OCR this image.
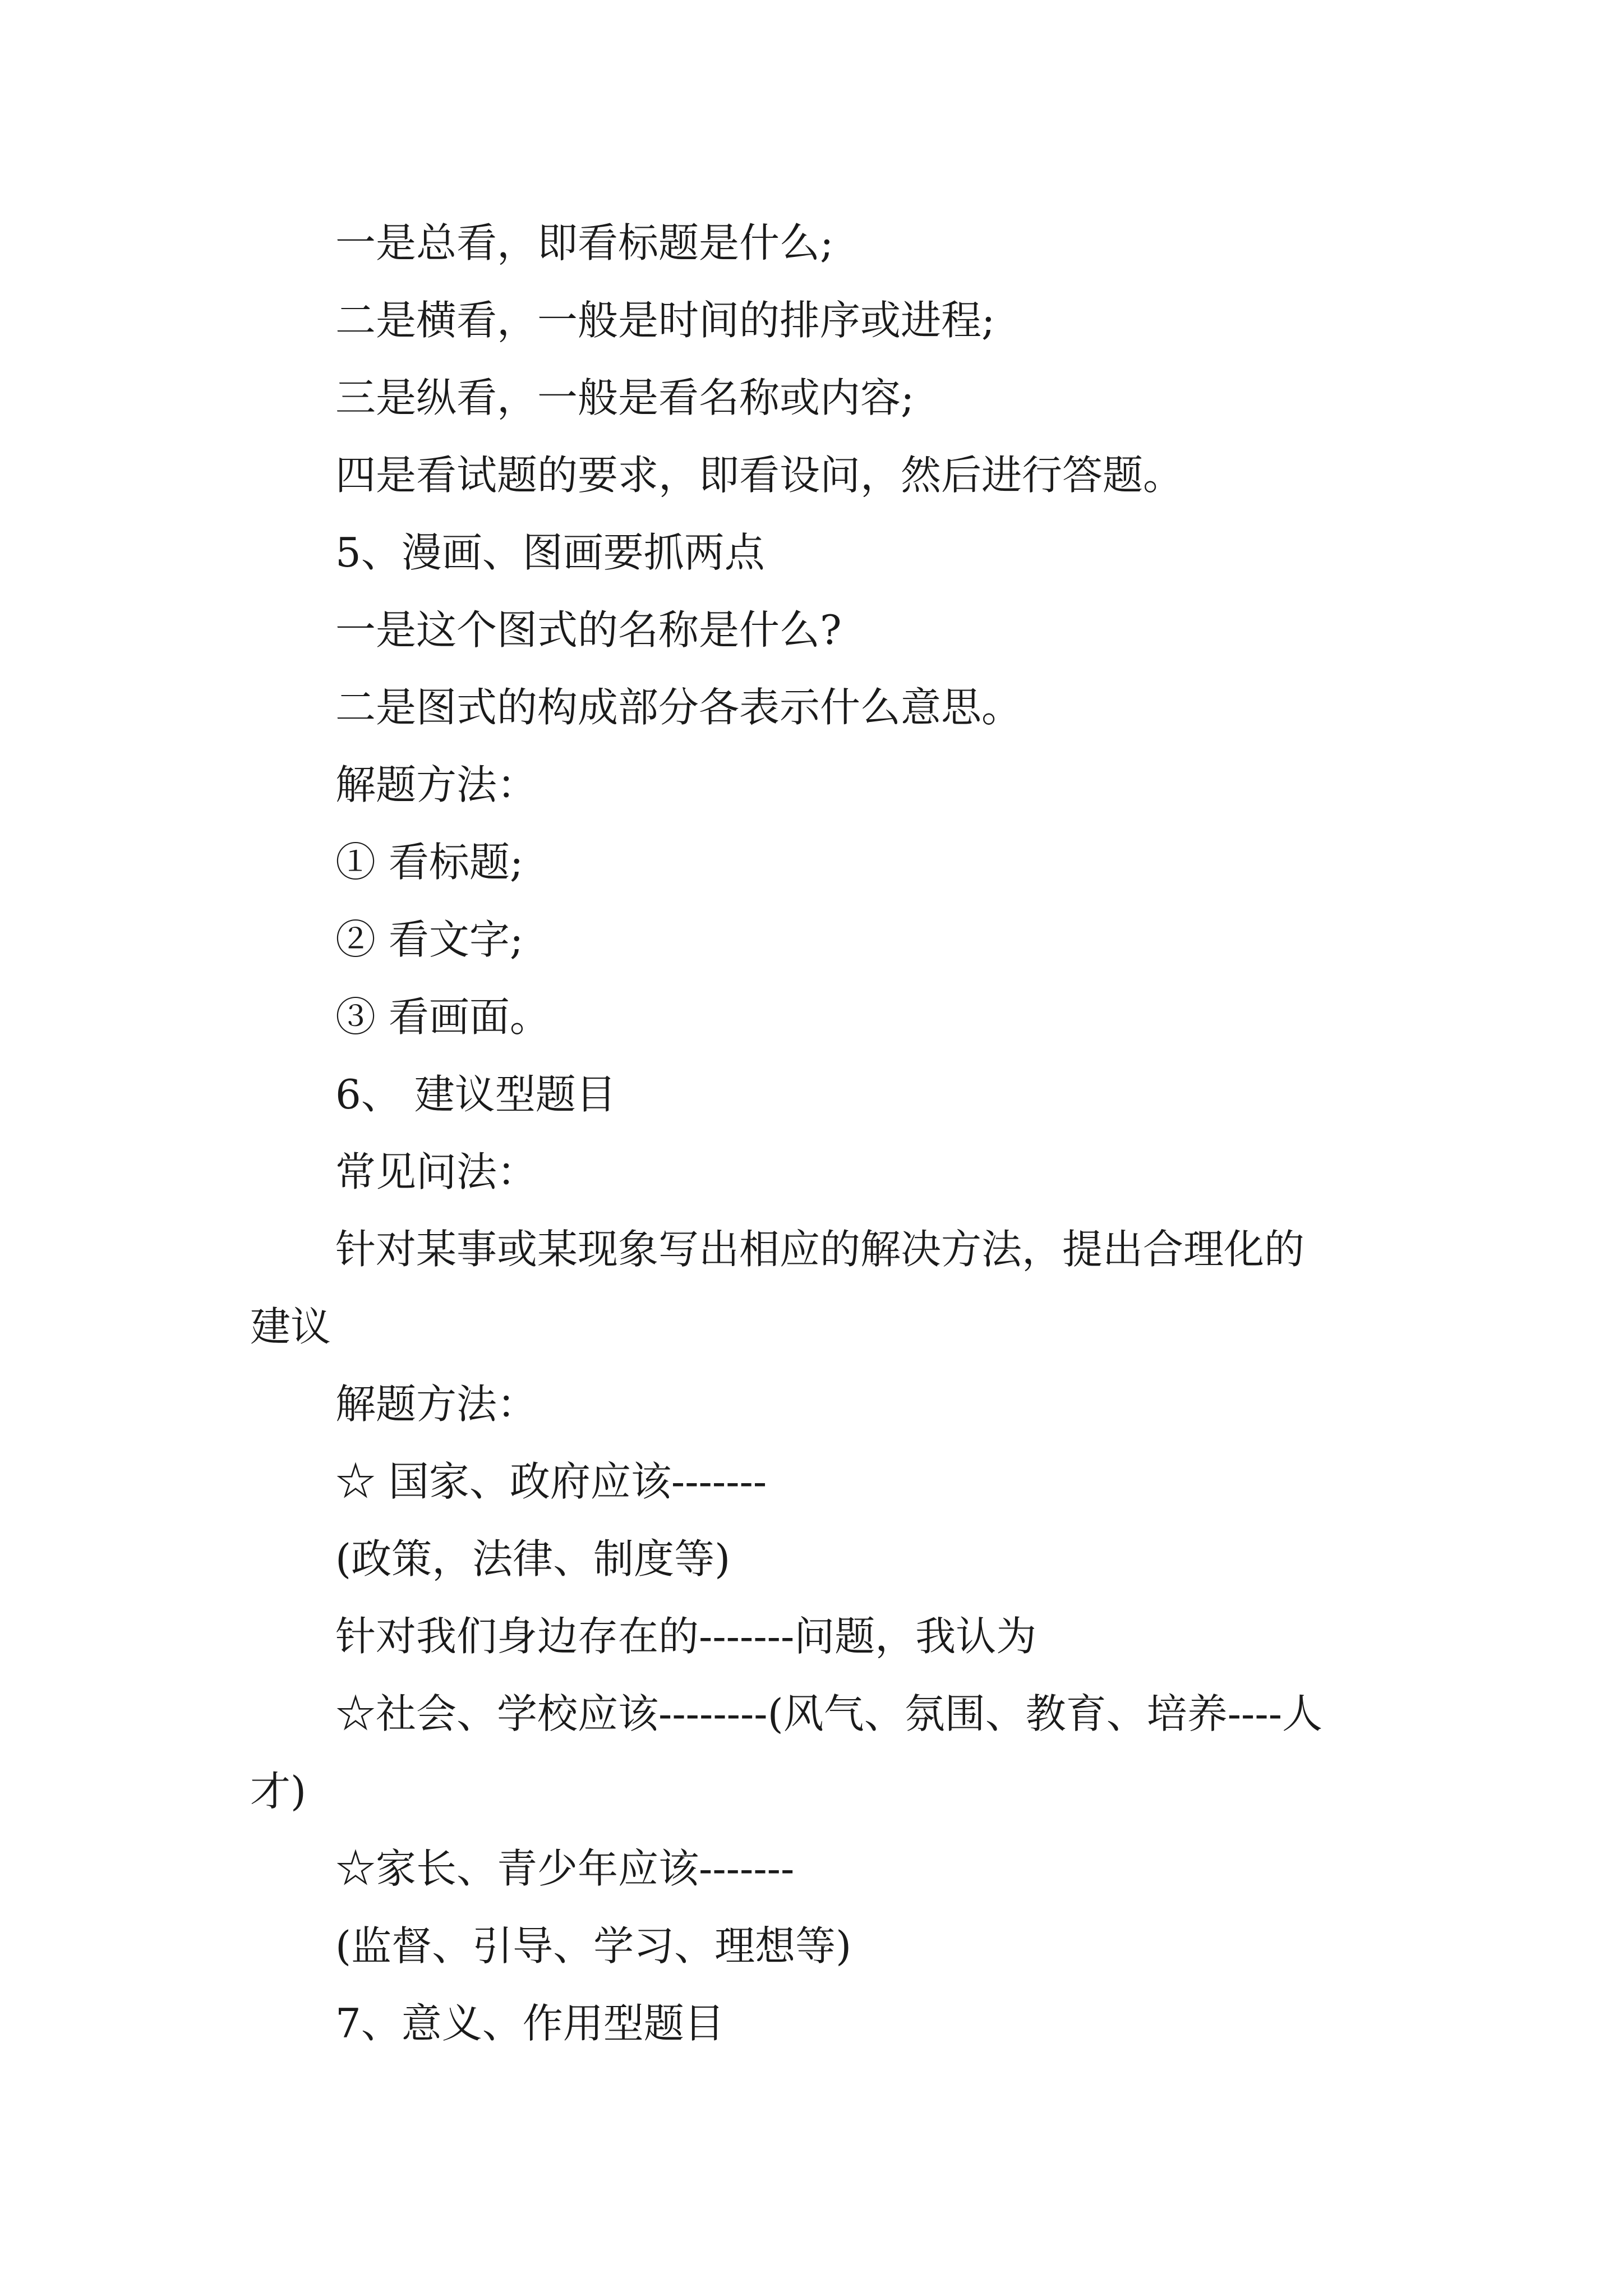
一是总看，即看标题是什么;

二是横看，一般是时间的排序或进程;

三是纵看，一般是看名称或内容;

四是看试题的要求，即看设问，然后进行答题。

5、漫画、图画要抓两点

一是这个图式的名称是什么?

二是图式的构成部分各表示什么意思。

解题方法：

① 看标题;

② 看文字;

③ 看画面。

6、 建议型题目

常见问法：

针对某事或某现象写出相应的解决方法，提出合理化的

建议

解题方法：

☆ 国家、政府应该-------

(政策，法律、制度等)

针对我们身边存在的-------问题，我认为

☆社会、学校应该--------(风气、氛围、教育、培养----人

才)

☆家长、青少年应该-------

(监督、引导、学习、理想等)

7、意义、作用型题目
